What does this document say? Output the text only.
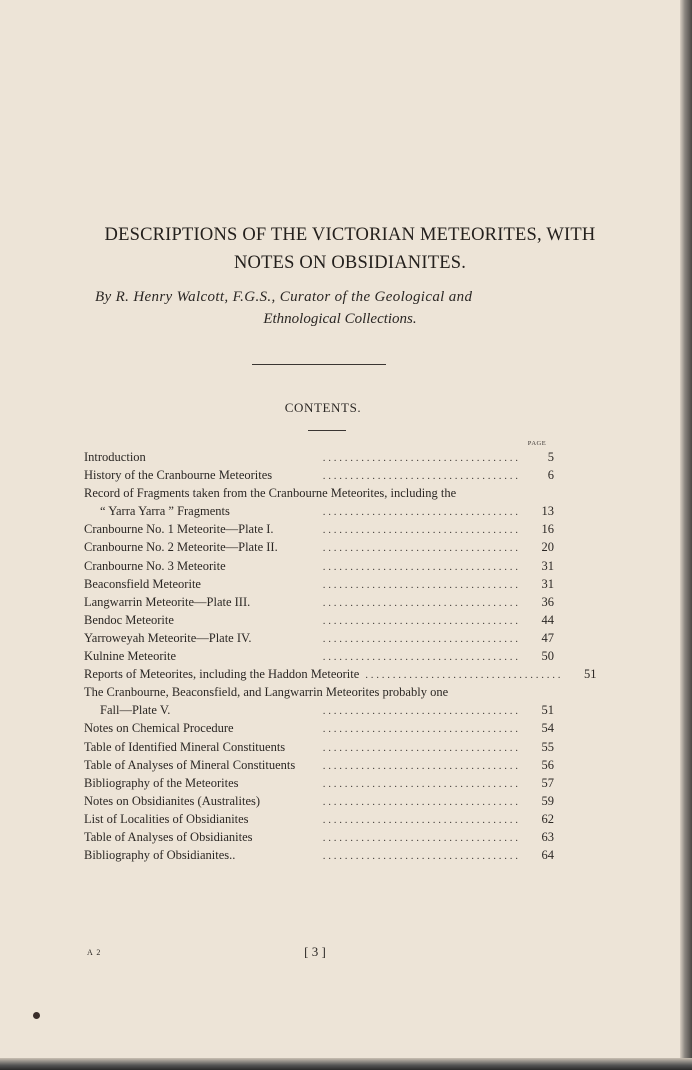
DESCRIPTIONS OF THE VICTORIAN METEORITES, WITH
NOTES ON OBSIDIANITES.
By R. Henry Walcott, F.G.S., Curator of the Geological and
Ethnological Collections.
CONTENTS.
PAGE
Introduction	. . . . . . . . . . . . . . . . . . . . . . . . . . . . . . . . . . . .	5
History of the Cranbourne Meteorites	. . . . . . . . . . . . . . . . . . . . . . . . . . . . . . . . . . . .	6
Record of Fragments taken from the Cranbourne Meteorites, including the
“ Yarra Yarra ” Fragments	. . . . . . . . . . . . . . . . . . . . . . . . . . . . . . . . . . . .	13
Cranbourne No. 1 Meteorite—Plate I.	. . . . . . . . . . . . . . . . . . . . . . . . . . . . . . . . . . . .	16
Cranbourne No. 2 Meteorite—Plate II.	. . . . . . . . . . . . . . . . . . . . . . . . . . . . . . . . . . . .	20
Cranbourne No. 3 Meteorite	. . . . . . . . . . . . . . . . . . . . . . . . . . . . . . . . . . . .	31
Beaconsfield Meteorite	. . . . . . . . . . . . . . . . . . . . . . . . . . . . . . . . . . . .	31
Langwarrin Meteorite—Plate III.	. . . . . . . . . . . . . . . . . . . . . . . . . . . . . . . . . . . .	36
Bendoc Meteorite	. . . . . . . . . . . . . . . . . . . . . . . . . . . . . . . . . . . .	44
Yarroweyah Meteorite—Plate IV.	. . . . . . . . . . . . . . . . . . . . . . . . . . . . . . . . . . . .	47
Kulnine Meteorite	. . . . . . . . . . . . . . . . . . . . . . . . . . . . . . . . . . . .	50
Reports of Meteorites, including the Haddon Meteorite . . . . . . . . . . . . . . . . . . . . . . . . . . . . . . . . . . . .	51
The Cranbourne, Beaconsfield, and Langwarrin Meteorites probably one
Fall—Plate V.	. . . . . . . . . . . . . . . . . . . . . . . . . . . . . . . . . . . .	51
Notes on Chemical Procedure	. . . . . . . . . . . . . . . . . . . . . . . . . . . . . . . . . . . .	54
Table of Identified Mineral Constituents	. . . . . . . . . . . . . . . . . . . . . . . . . . . . . . . . . . . .	55
Table of Analyses of Mineral Constituents	. . . . . . . . . . . . . . . . . . . . . . . . . . . . . . . . . . . .	56
Bibliography of the Meteorites	. . . . . . . . . . . . . . . . . . . . . . . . . . . . . . . . . . . .	57
Notes on Obsidianites (Australites)	. . . . . . . . . . . . . . . . . . . . . . . . . . . . . . . . . . . .	59
List of Localities of Obsidianites	. . . . . . . . . . . . . . . . . . . . . . . . . . . . . . . . . . . .	62
Table of Analyses of Obsidianites	. . . . . . . . . . . . . . . . . . . . . . . . . . . . . . . . . . . .	63
Bibliography of Obsidianites..	. . . . . . . . . . . . . . . . . . . . . . . . . . . . . . . . . . . .	64
A 2	[ 3 ]
